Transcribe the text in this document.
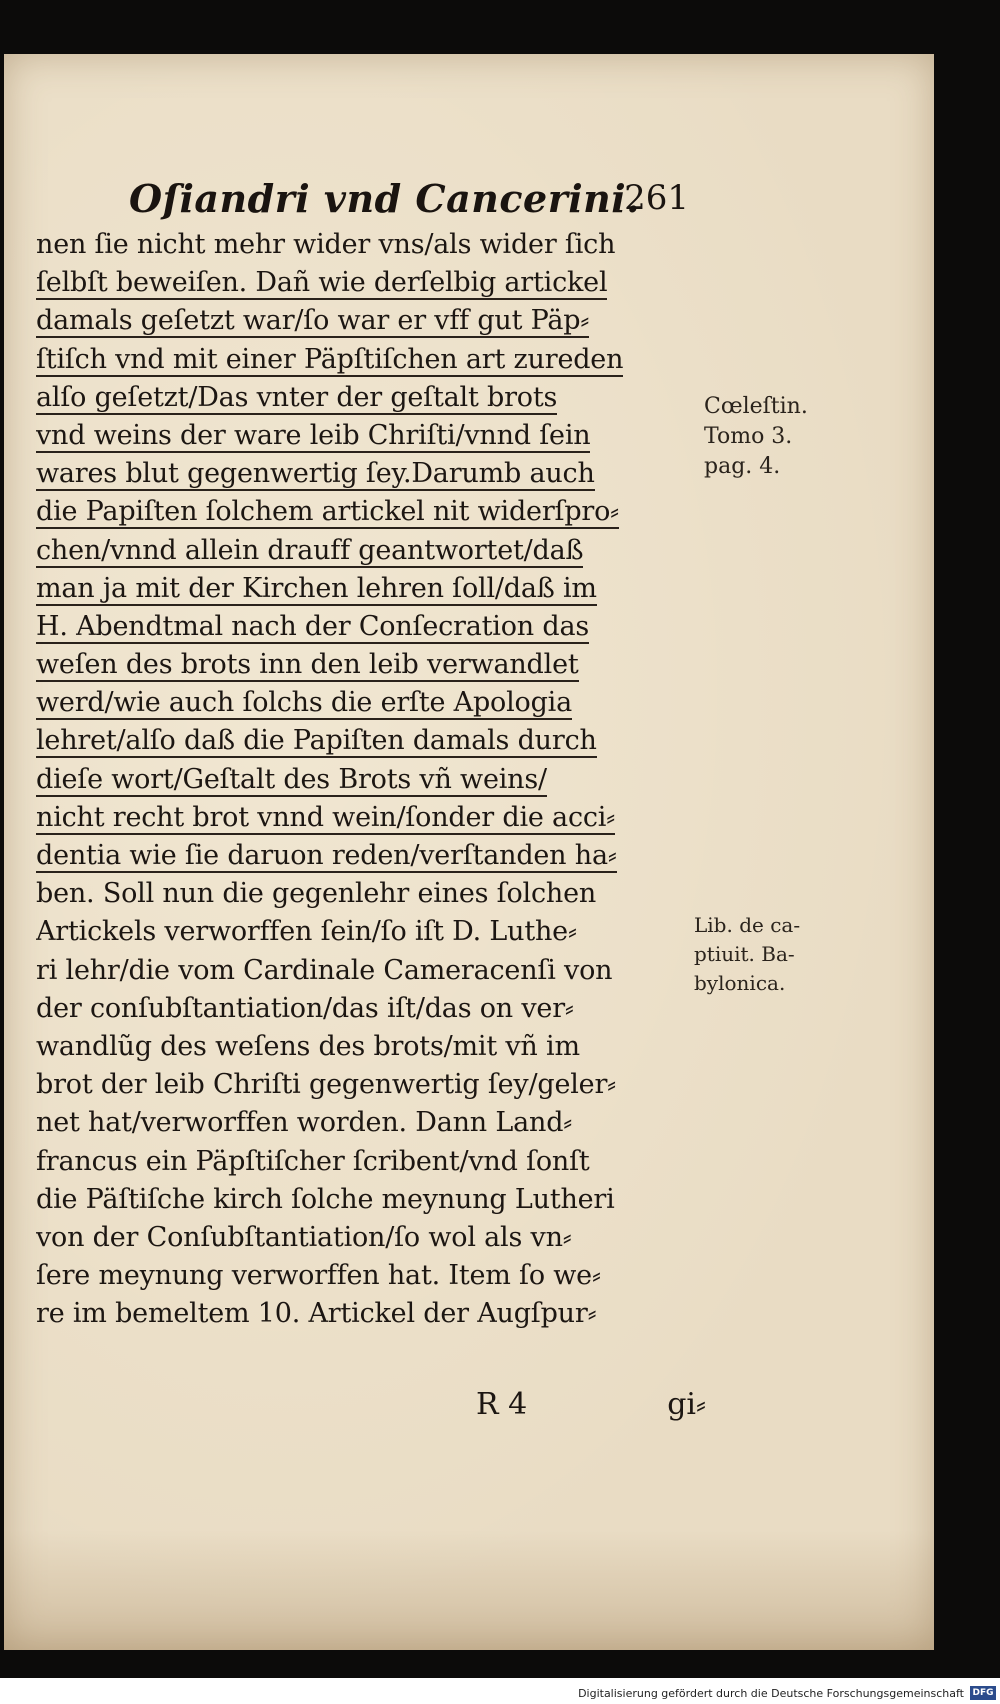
Oſiandri vnd Cancerini.
261
nen ſie nicht mehr wider vns/als wider ſich
ſelbſt beweiſen. Dañ wie derſelbig artickel
damals geſetzt war/ſo war er vff gut Päp⸗
ſtiſch vnd mit einer Päpſtiſchen art zureden
alſo geſetzt/Das vnter der geſtalt brots
vnd weins der ware leib Chriſti/vnnd ſein
wares blut gegenwertig ſey.Darumb auch
die Papiſten ſolchem artickel nit widerſpro⸗
chen/vnnd allein drauff geantwortet/daß
man ja mit der Kirchen lehren ſoll/daß im
H. Abendtmal nach der Conſecration das
weſen des brots inn den leib verwandlet
werd/wie auch ſolchs die erſte Apologia
lehret/alſo daß die Papiſten damals durch
dieſe wort/Geſtalt des Brots vñ weins/
nicht recht brot vnnd wein/ſonder die acci⸗
dentia wie ſie daruon reden/verſtanden ha⸗
ben. Soll nun die gegenlehr eines ſolchen
Artickels verworffen ſein/ſo iſt D. Luthe⸗
ri lehr/die vom Cardinale Cameracenſi von
der conſubſtantiation/das iſt/das on ver⸗
wandlũg des weſens des brots/mit vñ im
brot der leib Chriſti gegenwertig ſey/geler⸗
net hat/verworffen worden. Dann Land⸗
francus ein Päpſtiſcher ſcribent/vnd ſonſt
die Päſtiſche kirch ſolche meynung Lutheri
von der Conſubſtantiation/ſo wol als vn⸗
ſere meynung verworffen hat. Item ſo we⸗
re im bemeltem 10. Artickel der Augſpur⸗
Cœleſtin.
Tomo 3.
pag. 4.
Lib. de ca-
ptiuit. Ba-
bylonica.
R 4	gi⸗
Digitalisierung gefördert durch die Deutsche Forschungsgemeinschaft DFG
